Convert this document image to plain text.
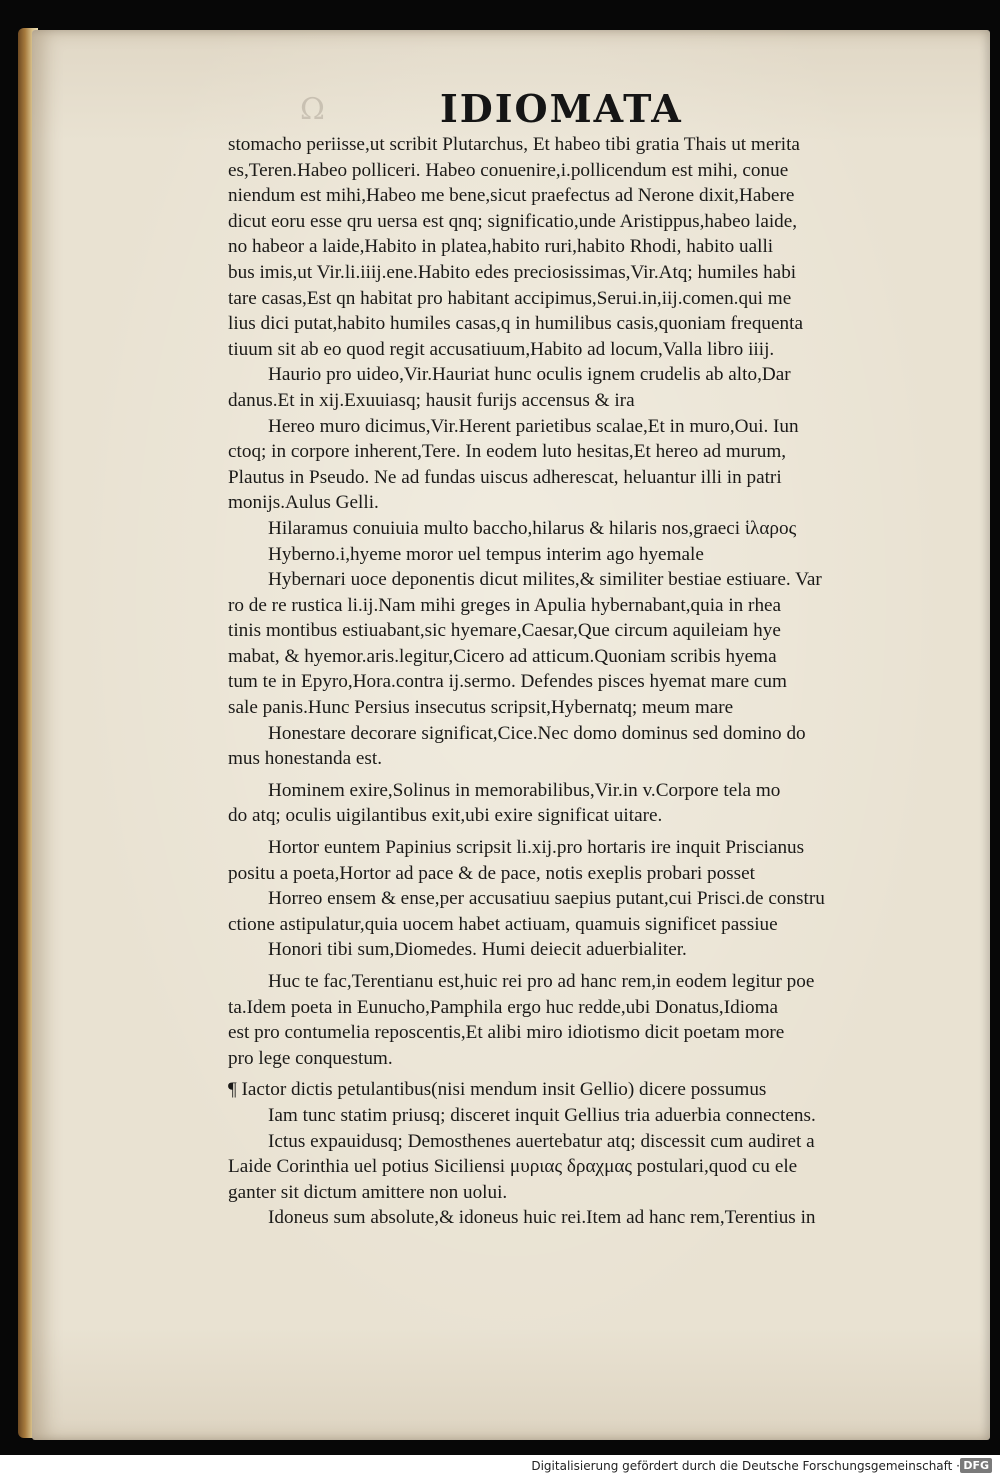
Ω	IDIOMATA
stomacho periisse,ut scribit Plutarchus, Et habeo tibi gratia Thais ut merita
es,Teren.Habeo polliceri. Habeo conuenire,i.pollicendum est mihi, conue
niendum est mihi,Habeo me bene,sicut praefectus ad Nerone dixit,Habere
dicut eoru esse qru uersa est qnq; significatio,unde Aristippus,habeo laide,
no habeor a laide,Habito in platea,habito ruri,habito Rhodi, habito ualli
bus imis,ut Vir.li.iiij.ene.Habito edes preciosissimas,Vir.Atq; humiles habi
tare casas,Est qn habitat pro habitant accipimus,Serui.in,iij.comen.qui me
lius dici putat,habito humiles casas,q in humilibus casis,quoniam frequenta
tiuum sit ab eo quod regit accusatiuum,Habito ad locum,Valla libro iiij.
Haurio pro uideo,Vir.Hauriat hunc oculis ignem crudelis ab alto,Dar
danus.Et in xij.Exuuiasq; hausit furijs accensus & ira
Hereo muro dicimus,Vir.Herent parietibus scalae,Et in muro,Oui. Iun
ctoq; in corpore inherent,Tere. In eodem luto hesitas,Et hereo ad murum,
Plautus in Pseudo. Ne ad fundas uiscus adherescat, heluantur illi in patri
monijs.Aulus Gelli.
Hilaramus conuiuia multo baccho,hilarus & hilaris nos,graeci ἱλαρος
Hyberno.i,hyeme moror uel tempus interim ago hyemale
Hybernari uoce deponentis dicut milites,& similiter bestiae estiuare. Var
ro de re rustica li.ij.Nam mihi greges in Apulia hybernabant,quia in rhea
tinis montibus estiuabant,sic hyemare,Caesar,Que circum aquileiam hye
mabat, & hyemor.aris.legitur,Cicero ad atticum.Quoniam scribis hyema
tum te in Epyro,Hora.contra ij.sermo. Defendes pisces hyemat mare cum
sale panis.Hunc Persius insecutus scripsit,Hybernatq; meum mare
Honestare decorare significat,Cice.Nec domo dominus sed domino do
mus honestanda est.
Hominem exire,Solinus in memorabilibus,Vir.in v.Corpore tela mo
do atq; oculis uigilantibus exit,ubi exire significat uitare.
Hortor euntem Papinius scripsit li.xij.pro hortaris ire inquit Priscianus
positu a poeta,Hortor ad pace & de pace, notis exeplis probari posset
Horreo ensem & ense,per accusatiuu saepius putant,cui Prisci.de constru
ctione astipulatur,quia uocem habet actiuam, quamuis significet passiue
Honori tibi sum,Diomedes. Humi deiecit aduerbialiter.
Huc te fac,Terentianu est,huic rei pro ad hanc rem,in eodem legitur poe
ta.Idem poeta in Eunucho,Pamphila ergo huc redde,ubi Donatus,Idioma
est pro contumelia reposcentis,Et alibi miro idiotismo dicit poetam more
pro lege conquestum.
¶ Iactor dictis petulantibus(nisi mendum insit Gellio) dicere possumus
Iam tunc statim priusq; disceret inquit Gellius tria aduerbia connectens.
Ictus expauidusq; Demosthenes auertebatur atq; discessit cum audiret a
Laide Corinthia uel potius Siciliensi μυριας δραχμας postulari,quod cu ele
ganter sit dictum amittere non uolui.
Idoneus sum absolute,& idoneus huic rei.Item ad hanc rem,Terentius in
Digitalisierung gefördert durch die Deutsche Forschungsgemeinschaft · DFG
